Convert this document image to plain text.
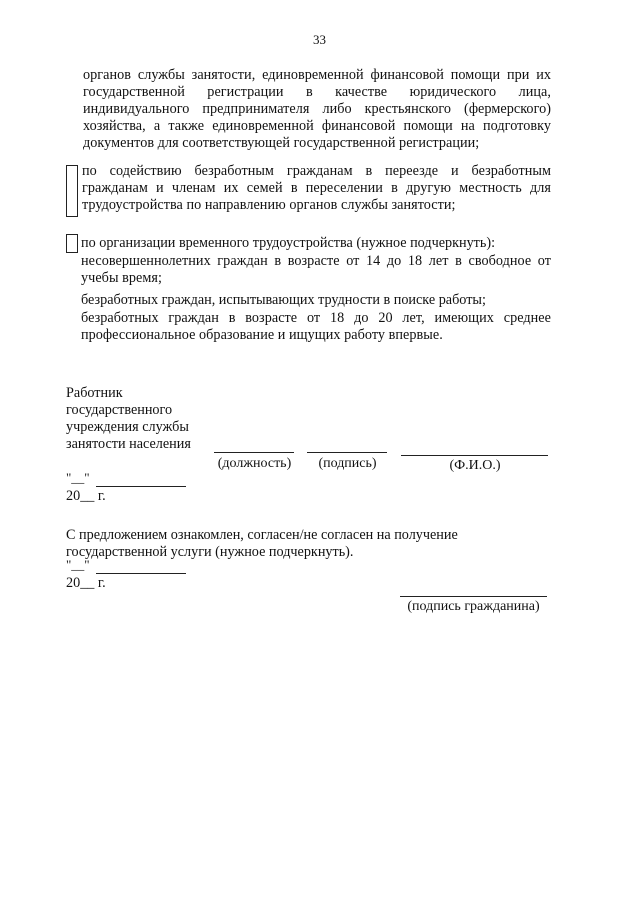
33
органов службы занятости, единовременной финансовой помощи при их государственной регистрации в качестве юридического лица, индивидуального предпринимателя либо крестьянского (фермерского) хозяйства, а также единовременной финансовой помощи на подготовку документов для соответствующей государственной регистрации;
по содействию безработным гражданам в переезде и безработным гражданам и членам их семей в переселении в другую местность для трудоустройства по направлению органов службы занятости;
по организации временного трудоустройства (нужное подчеркнуть):
несовершеннолетних граждан в возрасте от 14 до 18 лет в свободное от учебы время;
безработных граждан, испытывающих трудности в поиске работы;
безработных граждан в возрасте от 18 до 20 лет, имеющих среднее профессиональное образование и ищущих работу впервые.
Работник
государственного
учреждения службы
занятости населения
(должность)	(подпись)	(Ф.И.О.)
"__"
20__ г.
С предложением ознакомлен, согласен/не согласен на получение
государственной услуги (нужное подчеркнуть).
"__"
20__ г.
(подпись гражданина)
